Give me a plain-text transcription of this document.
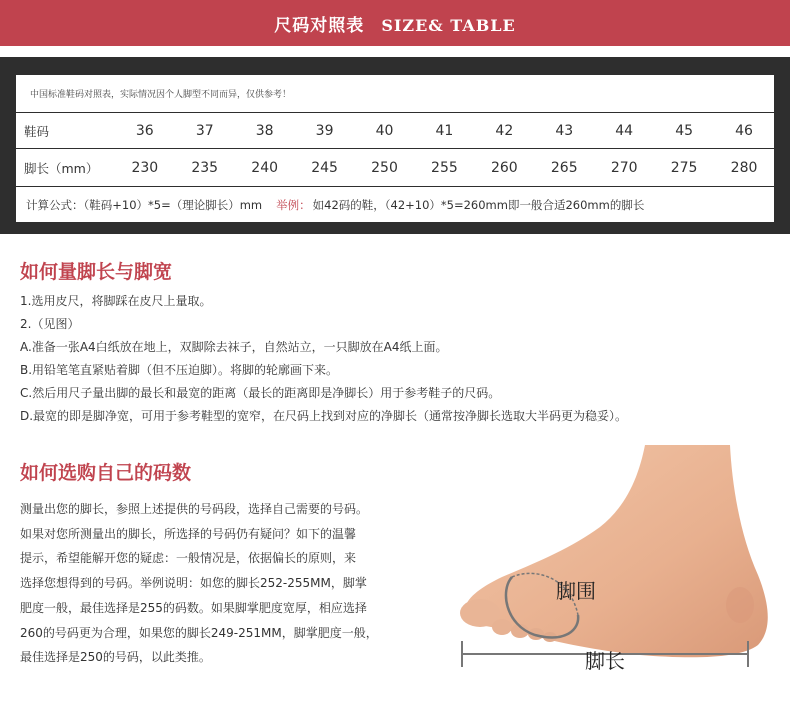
尺码对照表 SIZE& TABLE
中国标准鞋码对照表，实际情况因个人脚型不同而异，仅供参考！
鞋码	36	37	38	39	40	41	42	43	44	45	46
脚长（mm）	230	235	240	245	250	255	260	265	270	275	280
计算公式：（鞋码+10）*5=（理论脚长）mm 举例： 如42码的鞋，（42+10）*5=260mm即一般合适260mm的脚长
如何量脚长与脚宽
1.选用皮尺，将脚踩在皮尺上量取。
2.（见图）
A.准备一张A4白纸放在地上，双脚除去袜子，自然站立，一只脚放在A4纸上面。
B.用铅笔笔直紧贴着脚（但不压迫脚）。将脚的轮廓画下来。
C.然后用尺子量出脚的最长和最宽的距离（最长的距离即是净脚长）用于参考鞋子的尺码。
D.最宽的即是脚净宽，可用于参考鞋型的宽窄，在尺码上找到对应的净脚长（通常按净脚长选取大半码更为稳妥）。
如何选购自己的码数
测量出您的脚长，参照上述提供的号码段，选择自己需要的号码。
如果对您所测量出的脚长，所选择的号码仍有疑问？如下的温馨
提示，希望能解开您的疑虑：一般情况是，依据偏长的原则，来
选择您想得到的号码。举例说明：如您的脚长252-255MM，脚掌
肥度一般，最佳选择是255的码数。如果脚掌肥度宽厚，相应选择
260的号码更为合理，如果您的脚长249-251MM，脚掌肥度一般，
最佳选择是250的号码，以此类推。
脚围
脚长
